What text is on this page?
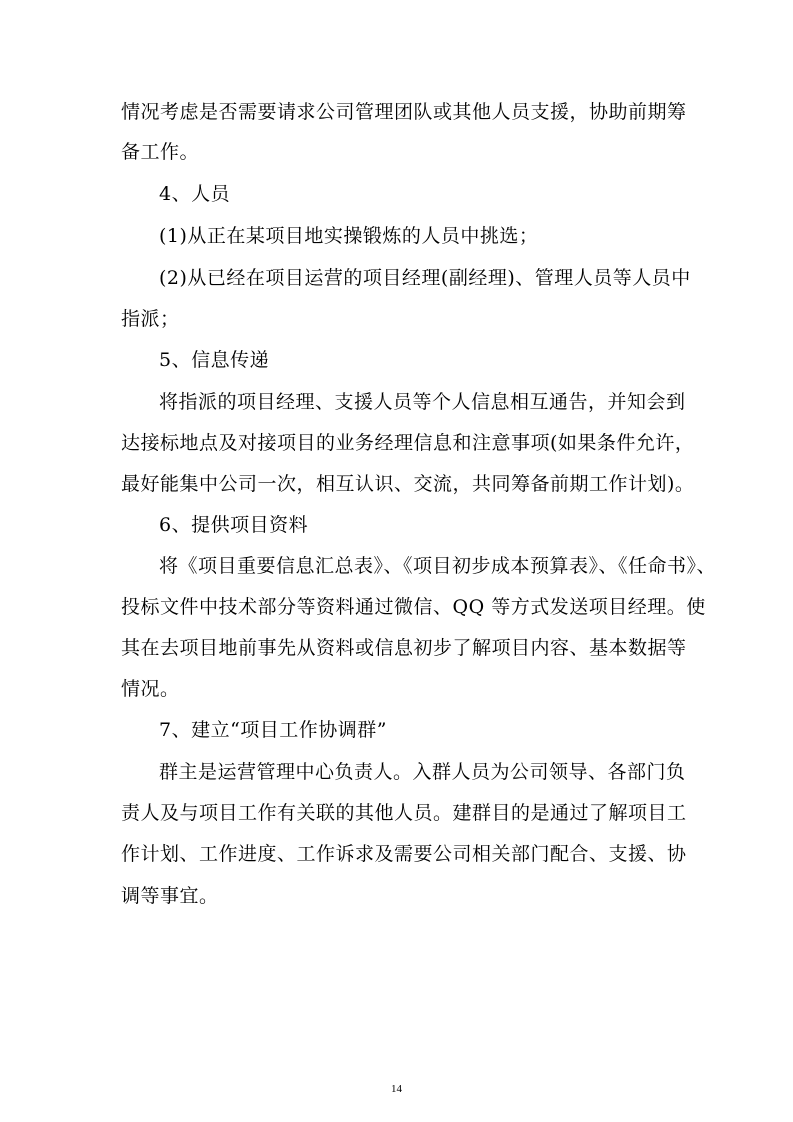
情况考虑是否需要请求公司管理团队或其他人员支援，协助前期筹
备工作。
4、人员
(1)从正在某项目地实操锻炼的人员中挑选；
(2)从已经在项目运营的项目经理(副经理)、管理人员等人员中
指派；
5、信息传递
将指派的项目经理、支援人员等个人信息相互通告，并知会到
达接标地点及对接项目的业务经理信息和注意事项(如果条件允许，
最好能集中公司一次，相互认识、交流，共同筹备前期工作计划)。
6、提供项目资料
将《项目重要信息汇总表》、《项目初步成本预算表》、《任命书》、
投标文件中技术部分等资料通过微信、QQ 等方式发送项目经理。使
其在去项目地前事先从资料或信息初步了解项目内容、基本数据等
情况。
7、建立“项目工作协调群”
群主是运营管理中心负责人。入群人员为公司领导、各部门负
责人及与项目工作有关联的其他人员。建群目的是通过了解项目工
作计划、工作进度、工作诉求及需要公司相关部门配合、支援、协
调等事宜。
14
